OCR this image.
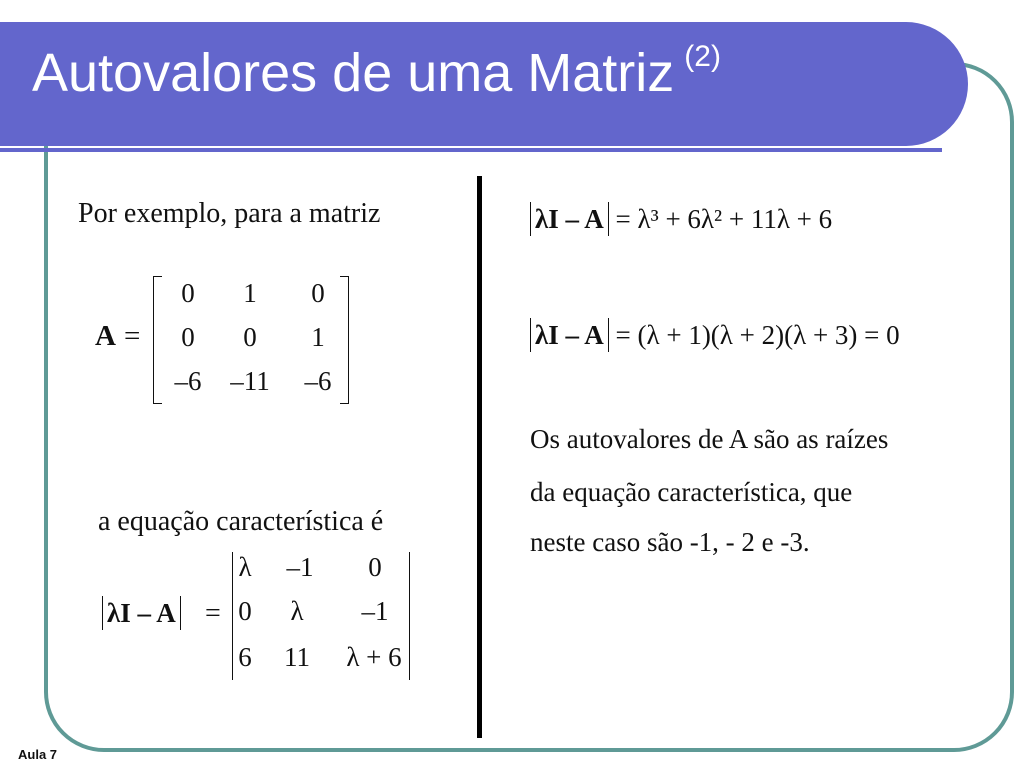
Autovalores de uma Matriz $^{(2)}$
Por exemplo, para a matriz
A =
0	1	0
0	0	1
–6	–11	–6
a equação característica é
λI – A =
λ	–1	0
0	λ	–1
6	11	λ + 6
λI – A = λ³ + 6λ² + 11λ + 6
λI – A = (λ + 1)(λ + 2)(λ + 3) = 0
Os autovalores de A são as raízes
da equação característica, que
neste caso são -1, - 2 e -3.
Aula 7
